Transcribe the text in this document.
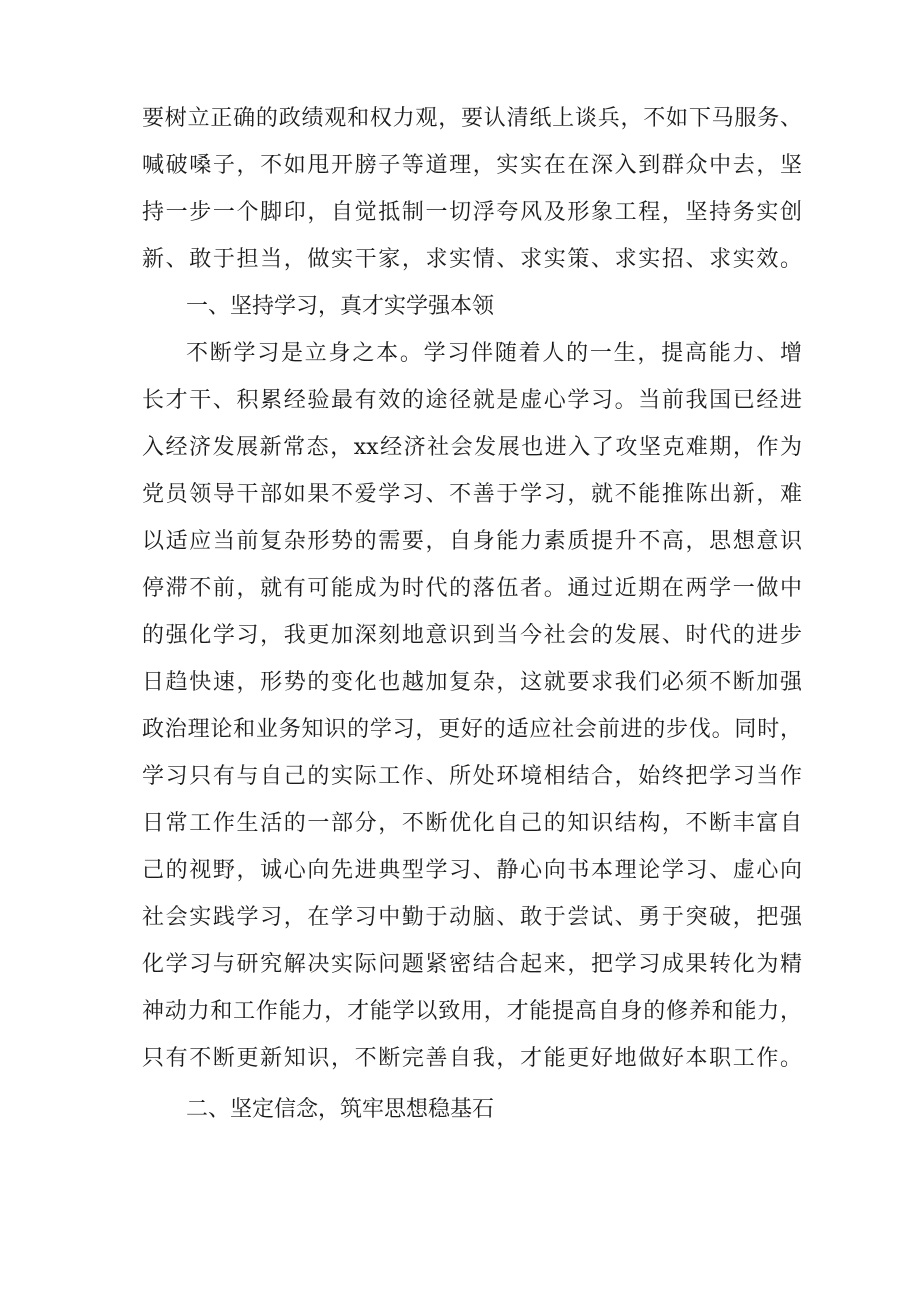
要树立正确的政绩观和权力观，要认清纸上谈兵，不如下马服务、
喊破嗓子，不如甩开膀子等道理，实实在在深入到群众中去，坚
持一步一个脚印，自觉抵制一切浮夸风及形象工程，坚持务实创
新、敢于担当，做实干家，求实情、求实策、求实招、求实效。
一、坚持学习，真才实学强本领
不断学习是立身之本。学习伴随着人的一生，提高能力、增
长才干、积累经验最有效的途径就是虚心学习。当前我国已经进
入经济发展新常态，xx经济社会发展也进入了攻坚克难期，作为
党员领导干部如果不爱学习、不善于学习，就不能推陈出新，难
以适应当前复杂形势的需要，自身能力素质提升不高，思想意识
停滞不前，就有可能成为时代的落伍者。通过近期在两学一做中
的强化学习，我更加深刻地意识到当今社会的发展、时代的进步
日趋快速，形势的变化也越加复杂，这就要求我们必须不断加强
政治理论和业务知识的学习，更好的适应社会前进的步伐。同时，
学习只有与自己的实际工作、所处环境相结合，始终把学习当作
日常工作生活的一部分，不断优化自己的知识结构，不断丰富自
己的视野，诚心向先进典型学习、静心向书本理论学习、虚心向
社会实践学习，在学习中勤于动脑、敢于尝试、勇于突破，把强
化学习与研究解决实际问题紧密结合起来，把学习成果转化为精
神动力和工作能力，才能学以致用，才能提高自身的修养和能力，
只有不断更新知识，不断完善自我，才能更好地做好本职工作。
二、坚定信念，筑牢思想稳基石
